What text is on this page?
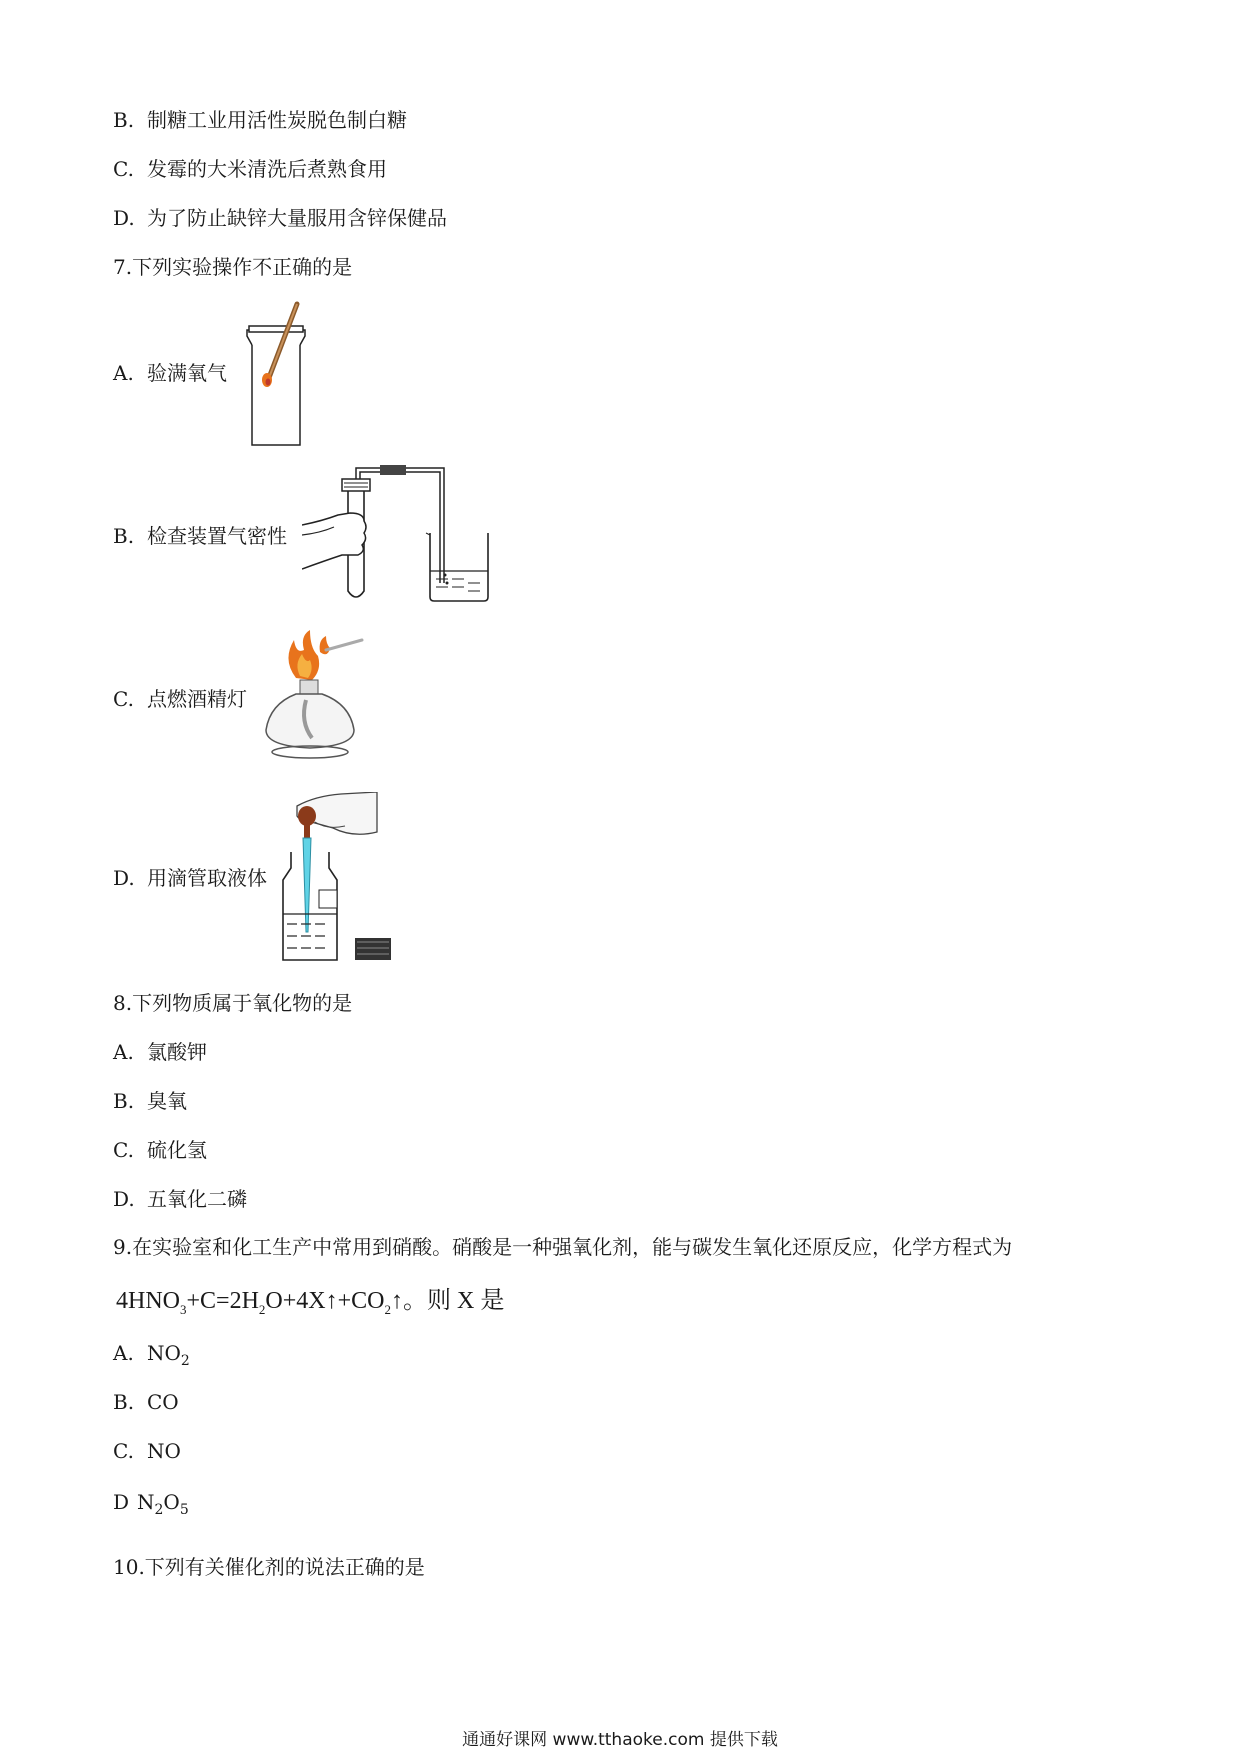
B. 制糖工业用活性炭脱色制白糖
C. 发霉的大米清洗后煮熟食用
D. 为了防止缺锌大量服用含锌保健品
7.下列实验操作不正确的是
A. 验满氧气
B. 检查装置气密性
C. 点燃酒精灯
D. 用滴管取液体
8.下列物质属于氧化物的是
A. 氯酸钾
B. 臭氧
C. 硫化氢
D. 五氧化二磷
9.在实验室和化工生产中常用到硝酸。硝酸是一种强氧化剂，能与碳发生氧化还原反应，化学方程式为
$4HNO_3+C=2H_2O+4X↑+CO_2↑$。则 X 是
A. $NO_2$
B. CO
C. NO
D $N_2O_5$
10.下列有关催化剂的说法正确的是
通通好课网 www.tthaoke.com 提供下载
